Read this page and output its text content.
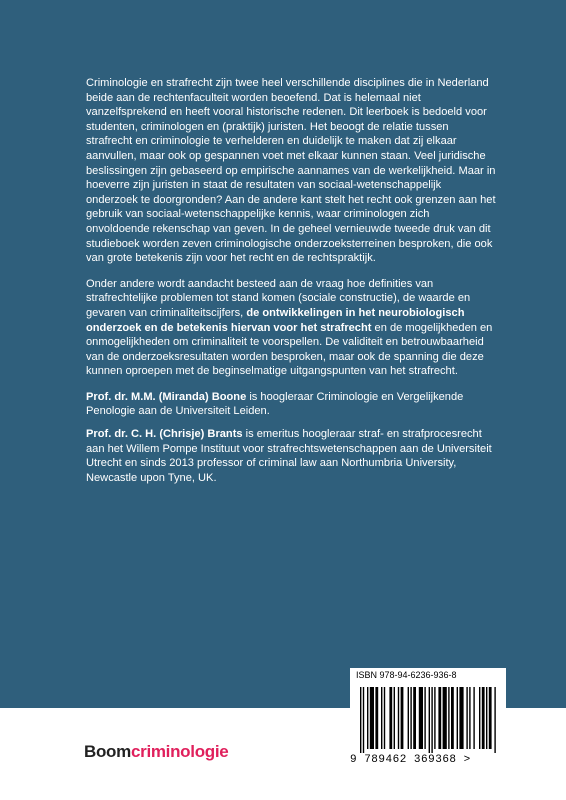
Criminologie en strafrecht zijn twee heel verschillende disciplines die in Nederland beide aan de rechtenfaculteit worden beoefend. Dat is helemaal niet vanzelfsprekend en heeft vooral historische redenen. Dit leerboek is bedoeld voor studenten, criminologen en (praktijk) juristen. Het beoogt de relatie tussen strafrecht en criminologie te verhelderen en duidelijk te maken dat zij elkaar aanvullen, maar ook op gespannen voet met elkaar kunnen staan. Veel juridische beslissingen zijn gebaseerd op empirische aannames van de werkelijkheid. Maar in hoeverre zijn juristen in staat de resultaten van sociaal-wetenschappelijk onderzoek te doorgronden? Aan de andere kant stelt het recht ook grenzen aan het gebruik van sociaal-wetenschappelijke kennis, waar criminologen zich onvoldoende rekenschap van geven. In de geheel vernieuwde tweede druk van dit studieboek worden zeven criminologische onderzoeksterreinen besproken, die ook van grote betekenis zijn voor het recht en de rechtspraktijk.

Onder andere wordt aandacht besteed aan de vraag hoe definities van strafrechtelijke problemen tot stand komen (sociale constructie), de waarde en gevaren van criminaliteitscijfers, de ontwikkelingen in het neurobiologisch onderzoek en de betekenis hiervan voor het strafrecht en de mogelijkheden en onmogelijkheden om criminaliteit te voorspellen. De validiteit en betrouwbaarheid van de onderzoeksresultaten worden besproken, maar ook de spanning die deze kunnen oproepen met de beginselmatige uitgangspunten van het strafrecht.

Prof. dr. M.M. (Miranda) Boone is hoogleraar Criminologie en Vergelijkende Penologie aan de Universiteit Leiden.

Prof. dr. C. H. (Chrisje) Brants is emeritus hoogleraar straf- en strafprocesrecht aan het Willem Pompe Instituut voor strafrechtswetenschappen aan de Universiteit Utrecht en sinds 2013 professor of criminal law aan Northumbria University, Newcastle upon Tyne, UK.

ISBN 978-94-6236-936-8
9 789462 369368 >
Boomcriminologie
